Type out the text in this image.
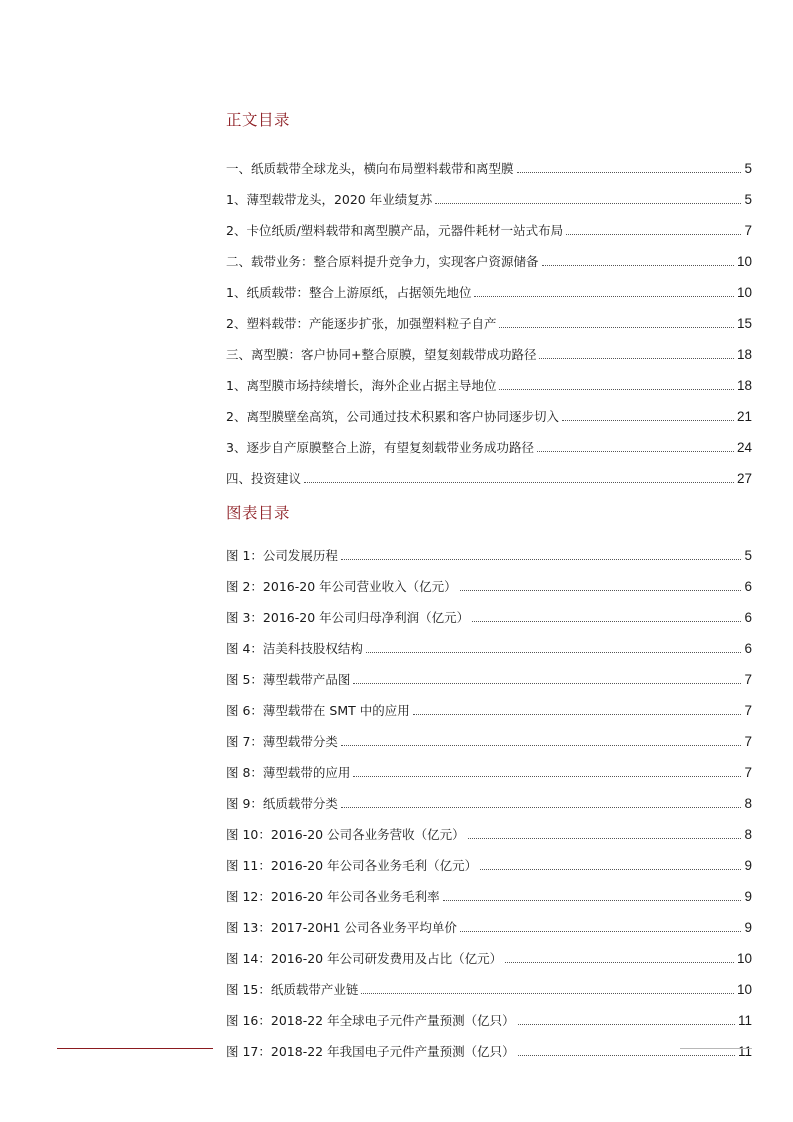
正文目录
一、纸质载带全球龙头，横向布局塑料载带和离型膜	5
1、薄型载带龙头，2020 年业绩复苏	5
2、卡位纸质/塑料载带和离型膜产品，元器件耗材一站式布局	7
二、载带业务：整合原料提升竞争力，实现客户资源储备	10
1、纸质载带：整合上游原纸，占据领先地位	10
2、塑料载带：产能逐步扩张，加强塑料粒子自产	15
三、离型膜：客户协同+整合原膜，望复刻载带成功路径	18
1、离型膜市场持续增长，海外企业占据主导地位	18
2、离型膜壁垒高筑，公司通过技术积累和客户协同逐步切入	21
3、逐步自产原膜整合上游，有望复刻载带业务成功路径	24
四、投资建议	27
图表目录
图 1：公司发展历程	5
图 2：2016-20 年公司营业收入（亿元）	6
图 3：2016-20 年公司归母净利润（亿元）	6
图 4：洁美科技股权结构	6
图 5：薄型载带产品图	7
图 6：薄型载带在 SMT 中的应用	7
图 7：薄型载带分类	7
图 8：薄型载带的应用	7
图 9：纸质载带分类	8
图 10：2016-20 公司各业务营收（亿元）	8
图 11：2016-20 年公司各业务毛利（亿元）	9
图 12：2016-20 年公司各业务毛利率	9
图 13：2017-20H1 公司各业务平均单价	9
图 14：2016-20 年公司研发费用及占比（亿元）	10
图 15：纸质载带产业链	10
图 16：2018-22 年全球电子元件产量预测（亿只）	11
图 17：2018-22 年我国电子元件产量预测（亿只）	11
